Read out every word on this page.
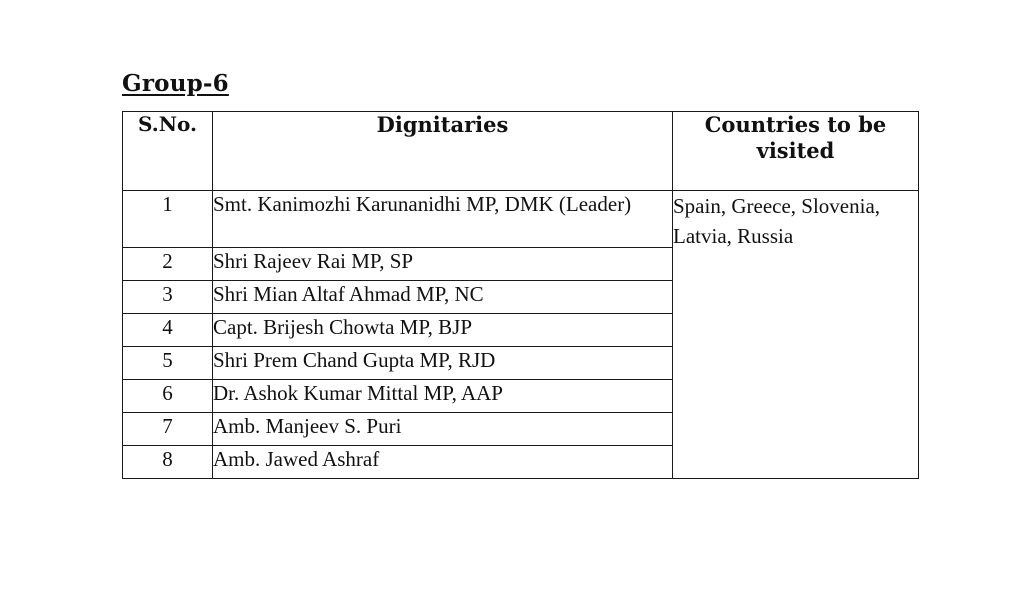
Group-6
S.No.	Dignitaries	Countries to be visited
1	Smt. Kanimozhi Karunanidhi MP, DMK (Leader)	Spain, Greece, Slovenia, Latvia, Russia
2	Shri Rajeev Rai MP, SP	
3	Shri Mian Altaf Ahmad MP, NC	
4	Capt. Brijesh Chowta MP, BJP	
5	Shri Prem Chand Gupta MP, RJD	
6	Dr. Ashok Kumar Mittal MP, AAP	
7	Amb. Manjeev S. Puri	
8	Amb. Jawed Ashraf	
